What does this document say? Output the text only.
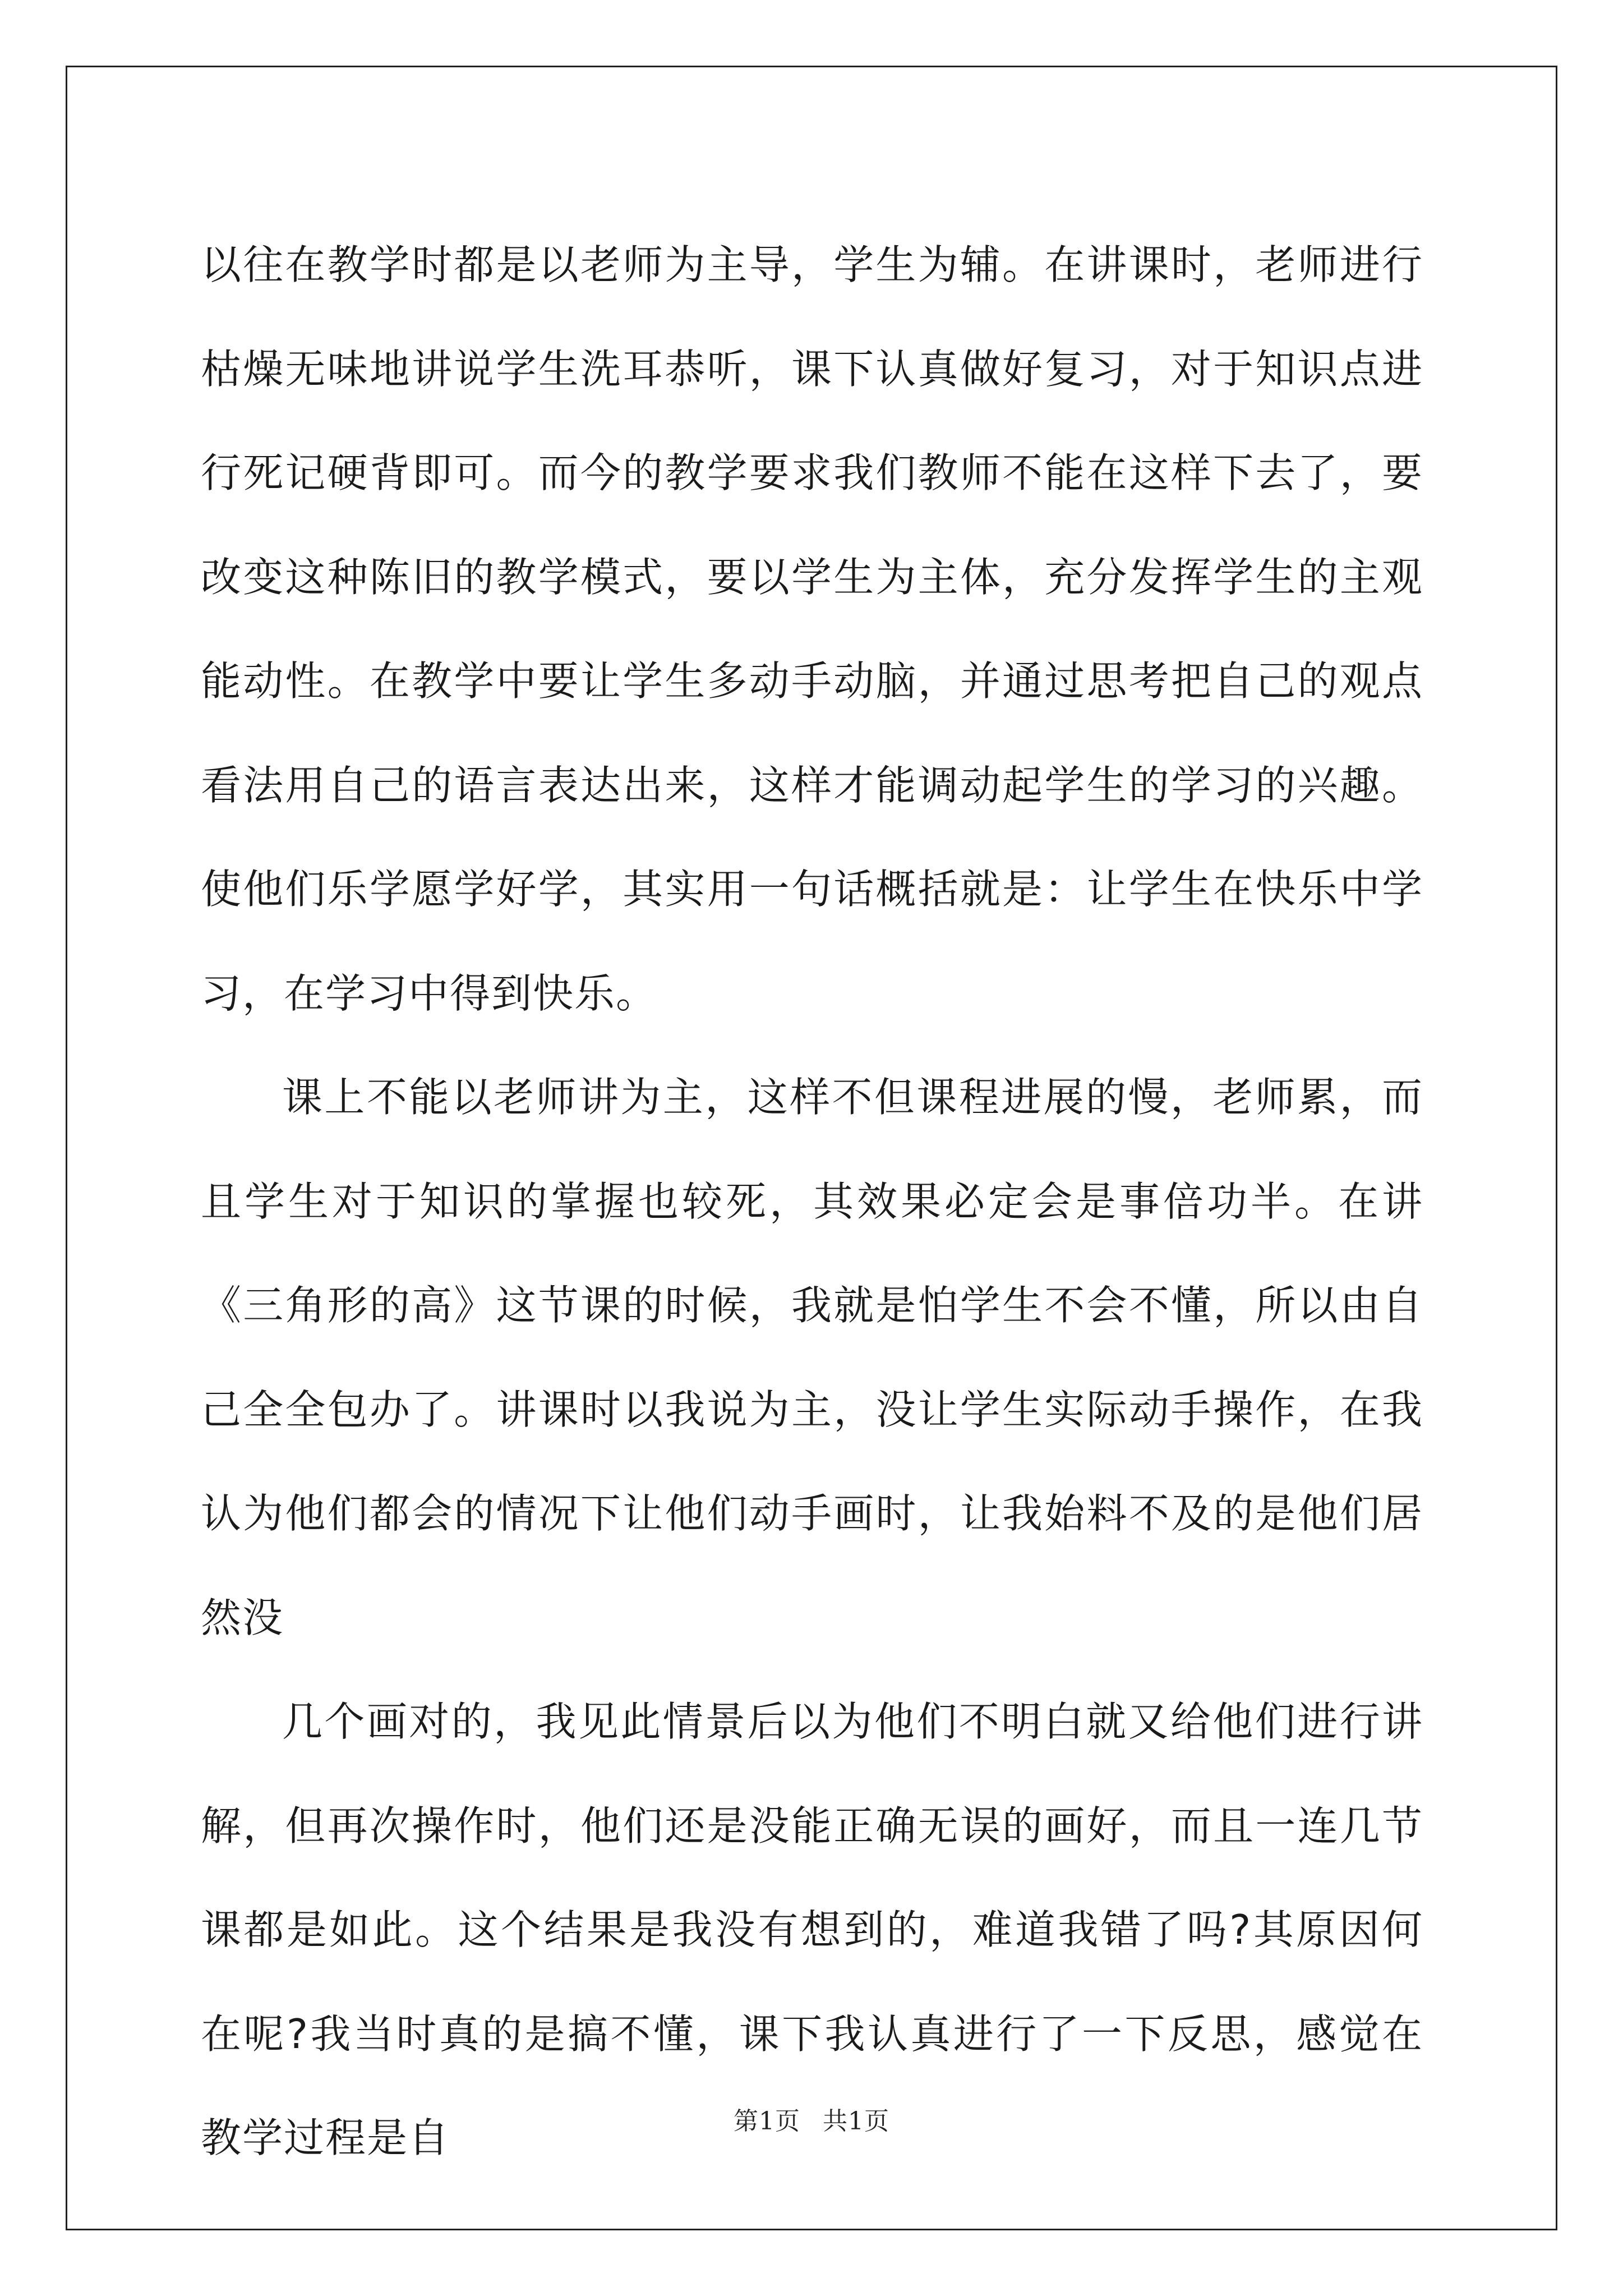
以往在教学时都是以老师为主导，学生为辅。在讲课时，老师进行枯燥无味地讲说学生洗耳恭听，课下认真做好复习，对于知识点进行死记硬背即可。而今的教学要求我们教师不能在这样下去了，要改变这种陈旧的教学模式，要以学生为主体，充分发挥学生的主观能动性。在教学中要让学生多动手动脑，并通过思考把自己的观点看法用自己的语言表达出来，这样才能调动起学生的学习的兴趣。使他们乐学愿学好学，其实用一句话概括就是：让学生在快乐中学习，在学习中得到快乐。

课上不能以老师讲为主，这样不但课程进展的慢，老师累，而且学生对于知识的掌握也较死，其效果必定会是事倍功半。在讲《三角形的高》这节课的时候，我就是怕学生不会不懂，所以由自己全全包办了。讲课时以我说为主，没让学生实际动手操作，在我认为他们都会的情况下让他们动手画时，让我始料不及的是他们居然没

几个画对的，我见此情景后以为他们不明白就又给他们进行讲解，但再次操作时，他们还是没能正确无误的画好，而且一连几节课都是如此。这个结果是我没有想到的，难道我错了吗?其原因何在呢?我当时真的是搞不懂，课下我认真进行了一下反思，感觉在教学过程是自	第1页 共1页
